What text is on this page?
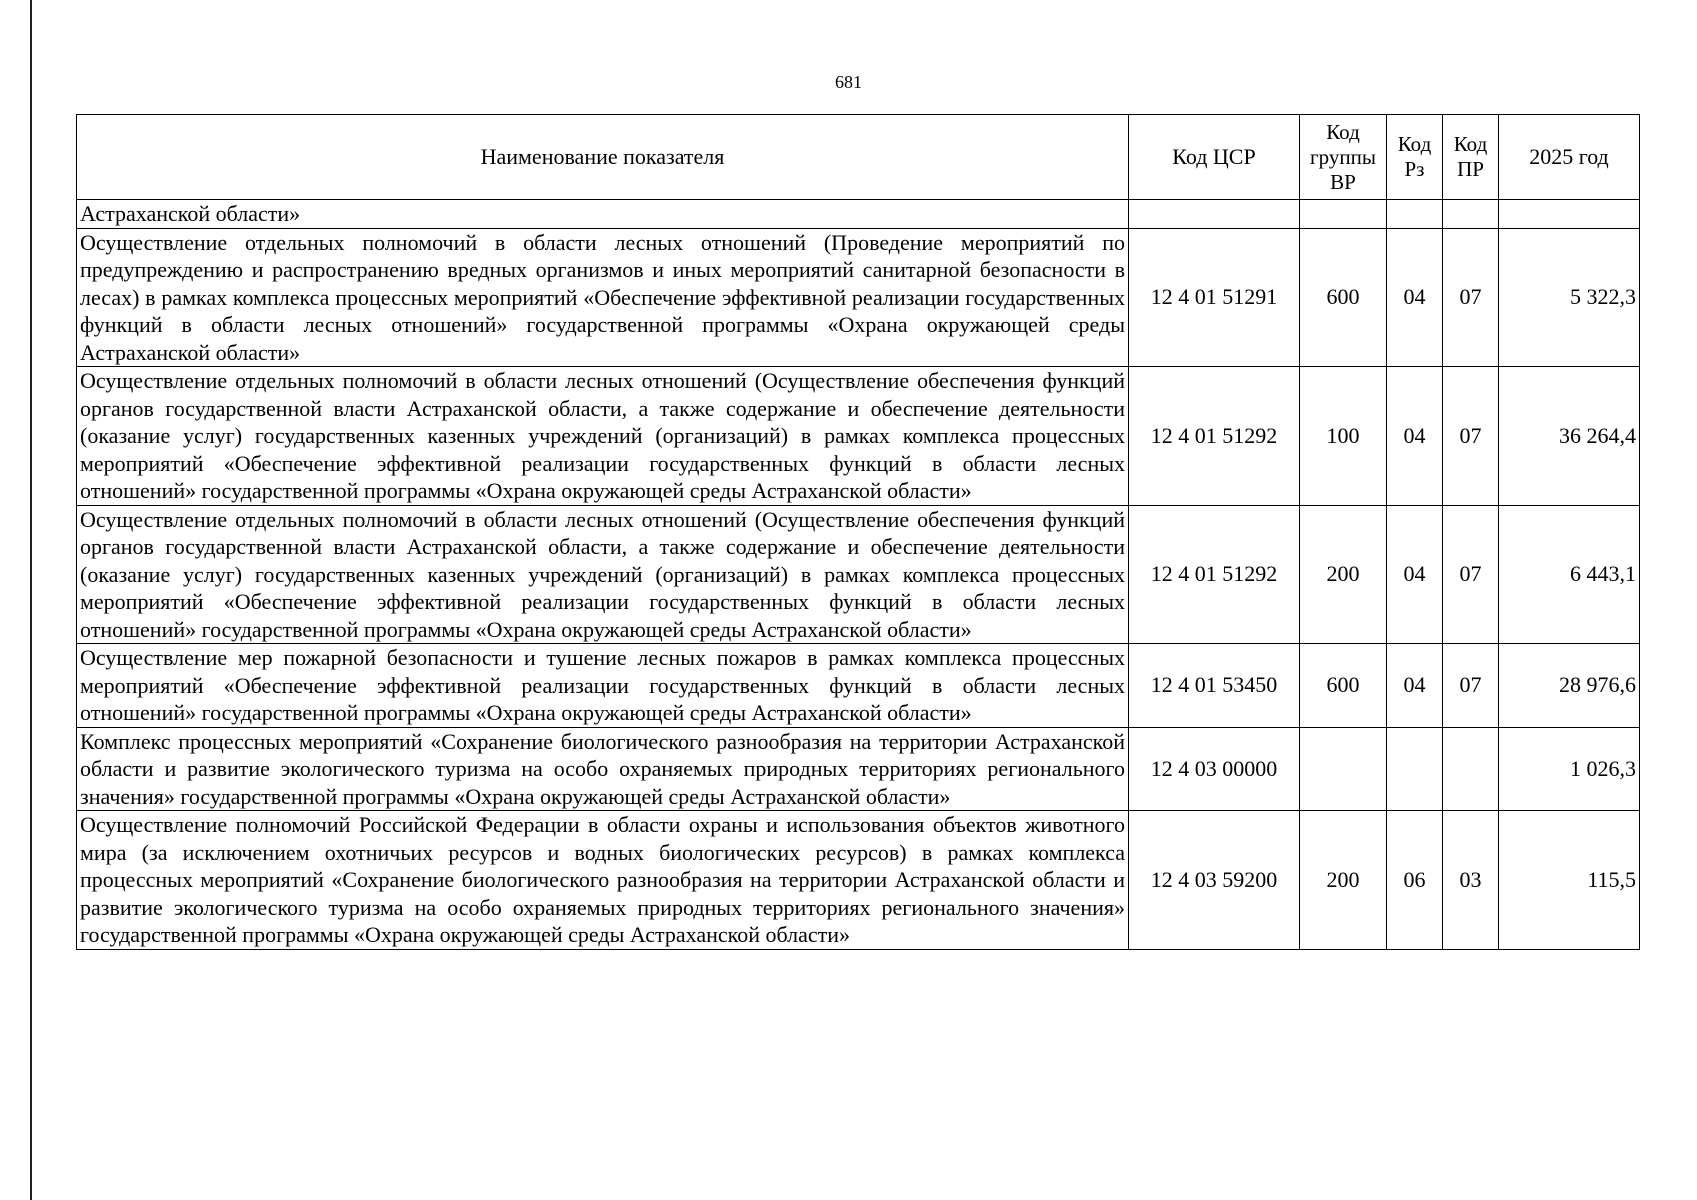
681
Наименование показателя	Код ЦСР	Код группы ВР	Код Рз	Код ПР	2025 год
Астраханской области»					
Осуществление отдельных полномочий в области лесных отношений (Проведение мероприятий по предупреждению и распространению вредных организмов и иных мероприятий санитарной безопасности в лесах) в рамках комплекса процессных мероприятий «Обеспечение эффективной реализации государственных функций в области лесных отношений» государственной программы «Охрана окружающей среды Астраханской области»	12 4 01 51291	600	04	07	5 322,3
Осуществление отдельных полномочий в области лесных отношений (Осуществление обеспечения функций органов государственной власти Астраханской области, а также содержание и обеспечение деятельности (оказание услуг) государственных казенных учреждений (организаций) в рамках комплекса процессных мероприятий «Обеспечение эффективной реализации государственных функций в области лесных отношений» государственной программы «Охрана окружающей среды Астраханской области»	12 4 01 51292	100	04	07	36 264,4
Осуществление отдельных полномочий в области лесных отношений (Осуществление обеспечения функций органов государственной власти Астраханской области, а также содержание и обеспечение деятельности (оказание услуг) государственных казенных учреждений (организаций) в рамках комплекса процессных мероприятий «Обеспечение эффективной реализации государственных функций в области лесных отношений» государственной программы «Охрана окружающей среды Астраханской области»	12 4 01 51292	200	04	07	6 443,1
Осуществление мер пожарной безопасности и тушение лесных пожаров в рамках комплекса процессных мероприятий «Обеспечение эффективной реализации государственных функций в области лесных отношений» государственной программы «Охрана окружающей среды Астраханской области»	12 4 01 53450	600	04	07	28 976,6
Комплекс процессных мероприятий «Сохранение биологического разнообразия на территории Астраханской области и развитие экологического туризма на особо охраняемых природных территориях регионального значения» государственной программы «Охрана окружающей среды Астраханской области»	12 4 03 00000				1 026,3
Осуществление полномочий Российской Федерации в области охраны и использования объектов животного мира (за исключением охотничьих ресурсов и водных биологических ресурсов) в рамках комплекса процессных мероприятий «Сохранение биологического разнообразия на территории Астраханской области и развитие экологического туризма на особо охраняемых природных территориях регионального значения» государственной программы «Охрана окружающей среды Астраханской области»	12 4 03 59200	200	06	03	115,5
